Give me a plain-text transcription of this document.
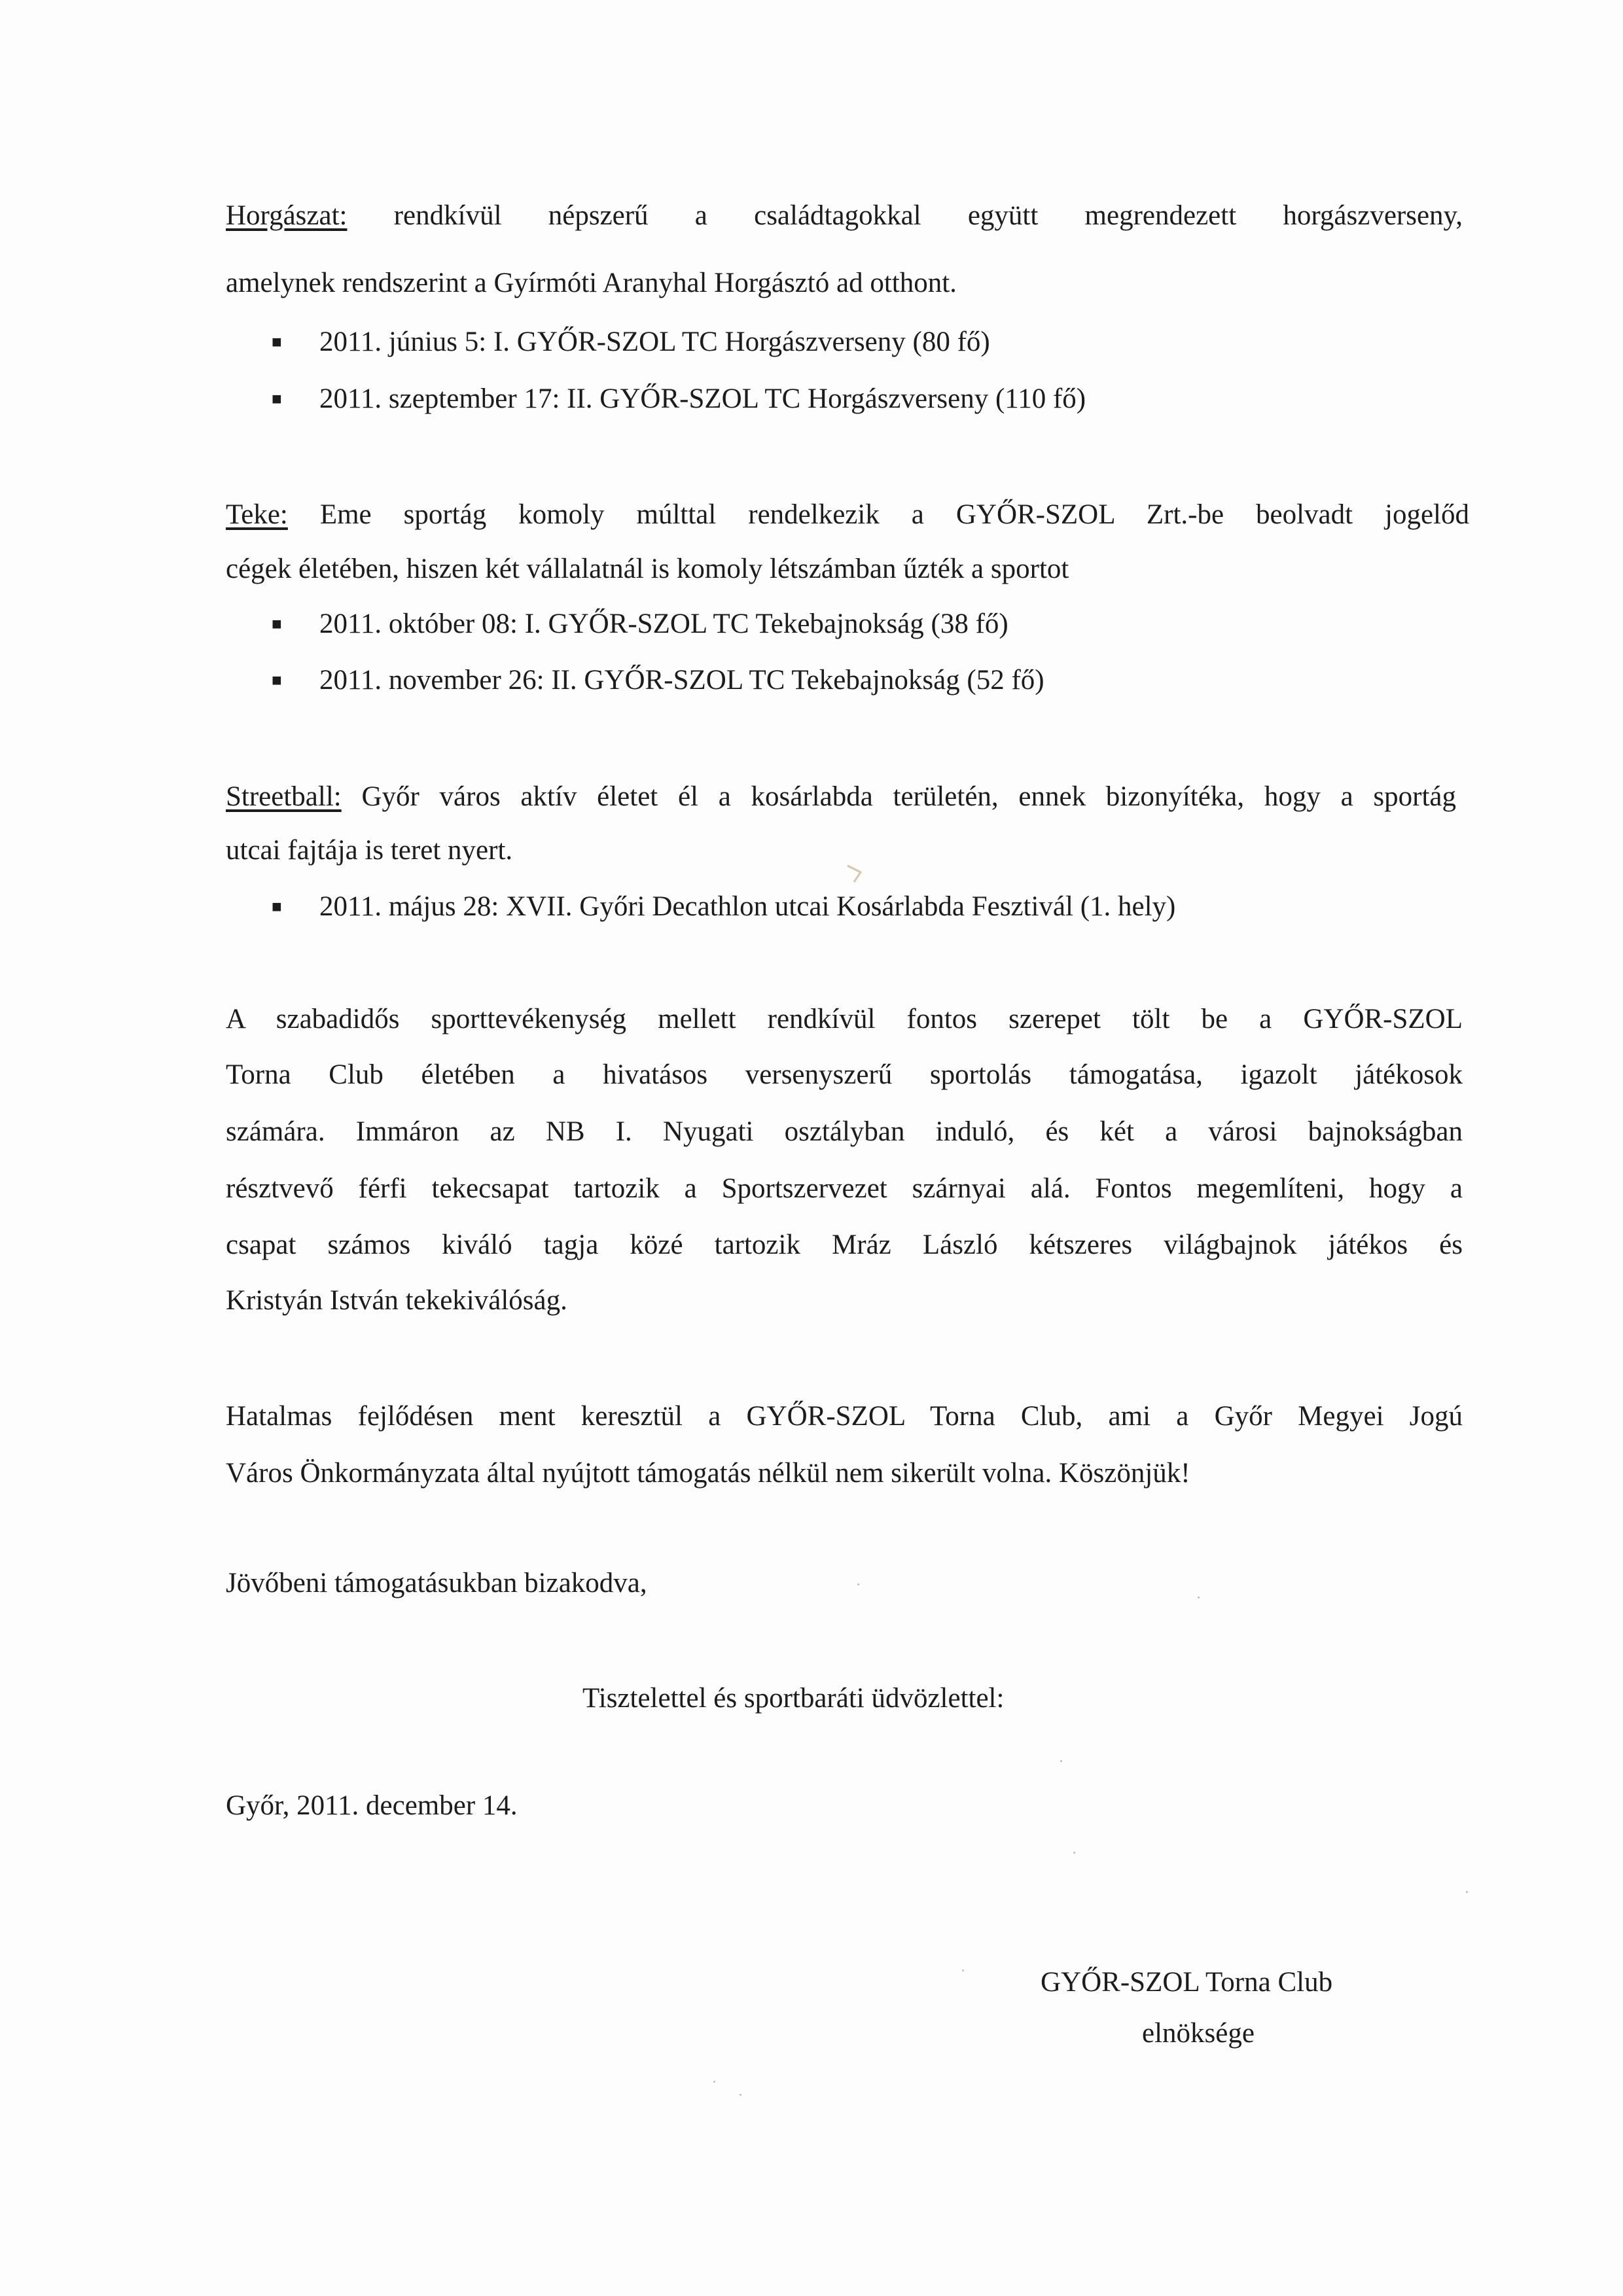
Horgászat: rendkívül népszerű a családtagokkal együtt megrendezett horgászverseny,
amelynek rendszerint a Gyírmóti Aranyhal Horgásztó ad otthont.
■ 2011. június 5: I. GYŐR-SZOL TC Horgászverseny (80 fő)
■ 2011. szeptember 17: II. GYŐR-SZOL TC Horgászverseny (110 fő)
Teke: Eme sportág komoly múlttal rendelkezik a GYŐR-SZOL Zrt.-be beolvadt jogelőd
cégek életében, hiszen két vállalatnál is komoly létszámban űzték a sportot
■ 2011. október 08: I. GYŐR-SZOL TC Tekebajnokság (38 fő)
■ 2011. november 26: II. GYŐR-SZOL TC Tekebajnokság (52 fő)
Streetball: Győr város aktív életet él a kosárlabda területén, ennek bizonyítéka, hogy a sportág
utcai fajtája is teret nyert.
■ 2011. május 28: XVII. Győri Decathlon utcai Kosárlabda Fesztivál (1. hely)
A szabadidős sporttevékenység mellett rendkívül fontos szerepet tölt be a GYŐR-SZOL
Torna Club életében a hivatásos versenyszerű sportolás támogatása, igazolt játékosok
számára. Immáron az NB I. Nyugati osztályban induló, és két a városi bajnokságban
résztvevő férfi tekecsapat tartozik a Sportszervezet szárnyai alá. Fontos megemlíteni, hogy a
csapat számos kiváló tagja közé tartozik Mráz László kétszeres világbajnok játékos és
Kristyán István tekekiválóság.
Hatalmas fejlődésen ment keresztül a GYŐR-SZOL Torna Club, ami a Győr Megyei Jogú
Város Önkormányzata által nyújtott támogatás nélkül nem sikerült volna. Köszönjük!
Jövőbeni támogatásukban bizakodva,
Tisztelettel és sportbaráti üdvözlettel:
Győr, 2011. december 14.
GYŐR-SZOL Torna Club
elnöksége
